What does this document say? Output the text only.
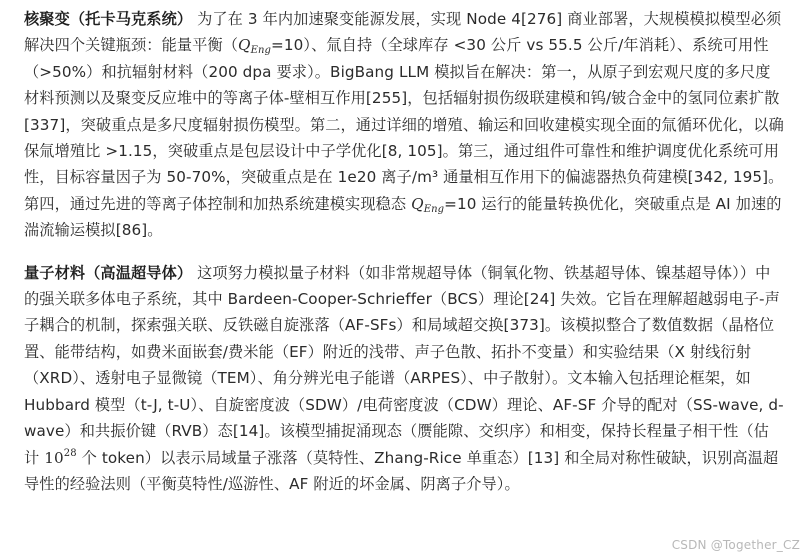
核聚变（托卡马克系统） 为了在 3 年内加速聚变能源发展，实现 Node 4[276] 商业部署，大规模模拟模型必须解决四个关键瓶颈：能量平衡$(Q_{Eng}=10)$、氚自持（全球库存 <30 公斤 vs 55.5 公斤/年消耗）、系统可用性（>50%）和抗辐射材料（200 dpa 要求）。BigBang LLM 模拟旨在解决：第一，从原子到宏观尺度的多尺度材料预测以及聚变反应堆中的等离子体-壁相互作用[255]，包括辐射损伤级联建模和钨/铍合金中的氢同位素扩散[337]，突破重点是多尺度辐射损伤模型。第二，通过详细的增殖、输运和回收建模实现全面的氚循环优化，以确保氚增殖比 >1.15，突破重点是包层设计中子学优化[8, 105]。第三，通过组件可靠性和维护调度优化系统可用性，目标容量因子为 50-70%，突破重点是在 1e20 离子/m³ 通量相互作用下的偏滤器热负荷建模[342, 195]。第四，通过先进的等离子体控制和加热系统建模实现稳态 $Q_{Eng}=10$ 运行的能量转换优化，突破重点是 AI 加速的湍流输运模拟[86]。

量子材料（高温超导体） 这项努力模拟量子材料（如非常规超导体（铜氧化物、铁基超导体、镍基超导体））中的强关联多体电子系统，其中 Bardeen-Cooper-Schrieffer（BCS）理论[24] 失效。它旨在理解超越弱电子-声子耦合的机制，探索强关联、反铁磁自旋涨落（AF-SFs）和局域超交换[373]。该模拟整合了数值数据（晶格位置、能带结构，如费米面嵌套/费米能（EF）附近的浅带、声子色散、拓扑不变量）和实验结果（X 射线衍射（XRD）、透射电子显微镜（TEM）、角分辨光电子能谱（ARPES）、中子散射）。文本输入包括理论框架，如 Hubbard 模型（t-J, t-U）、自旋密度波（SDW）/电荷密度波（CDW）理论、AF-SF 介导的配对（SS-wave, d-wave）和共振价键（RVB）态[14]。该模型捕捉涌现态（赝能隙、交织序）和相变，保持长程量子相干性（估计 $10^{28}$ 个 token）以表示局域量子涨落（莫特性、Zhang-Rice 单重态）[13] 和全局对称性破缺，识别高温超导性的经验法则（平衡莫特性/巡游性、AF 附近的坏金属、阴离子介导）。

CSDN @Together_CZ
